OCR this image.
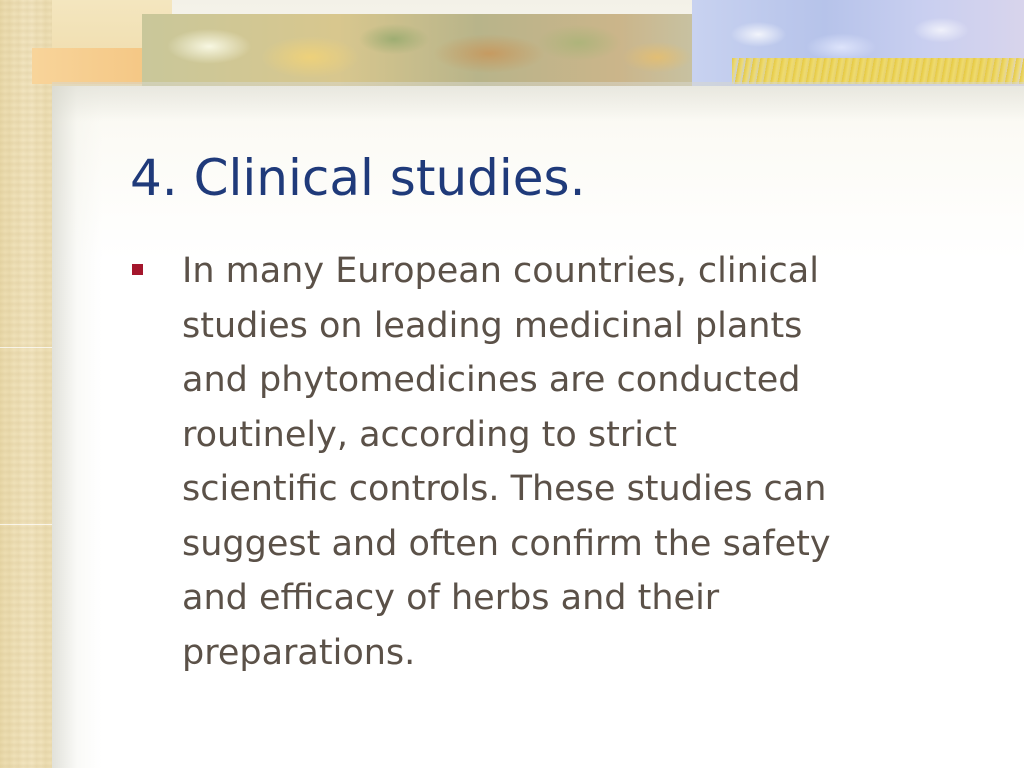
4. Clinical studies.
In many European countries, clinical
studies on leading medicinal plants
and phytomedicines are conducted
routinely, according to strict
scientific controls. These studies can
suggest and often confirm the safety
and efficacy of herbs and their
preparations.
